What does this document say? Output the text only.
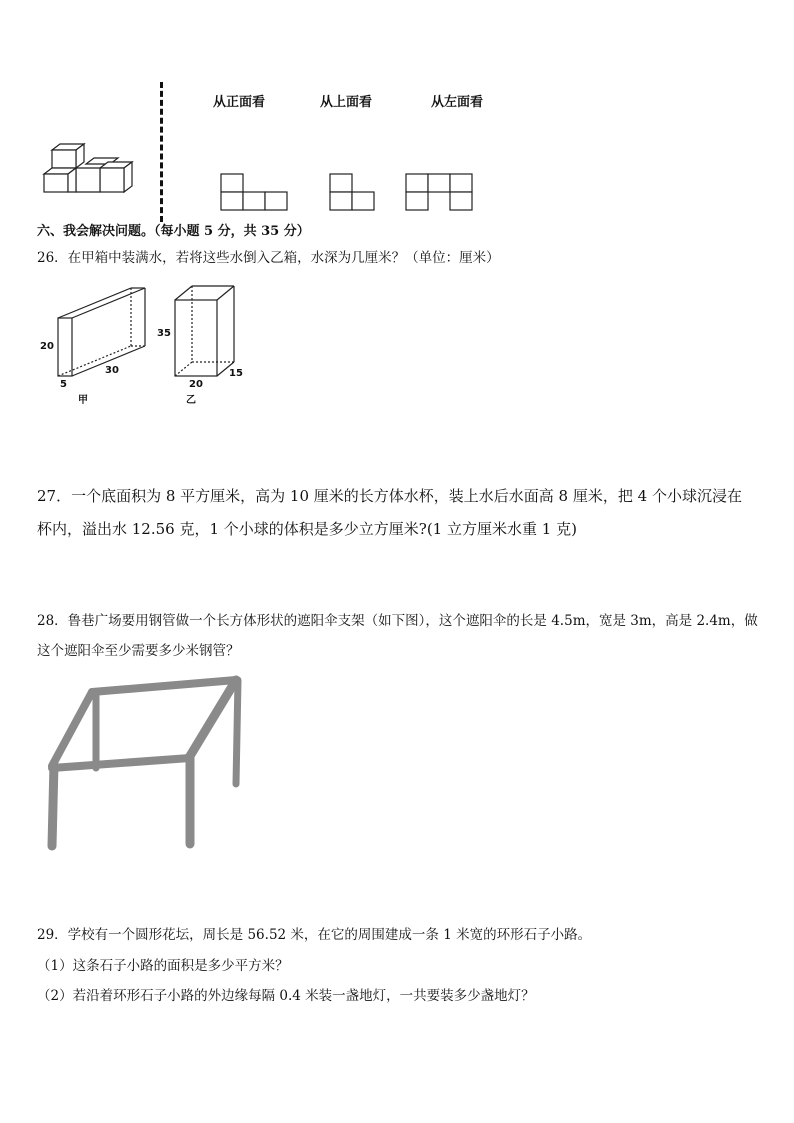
从正面看	从上面看	从左面看
六、我会解决问题。（每小题 5 分，共 35 分）
26．在甲箱中装满水，若将这些水倒入乙箱，水深为几厘米？（单位：厘米）
20
5
30
甲
35
20
15
乙
27．一个底面积为 8 平方厘米，高为 10 厘米的长方体水杯，装上水后水面高 8 厘米，把 4 个小球沉浸在
杯内，溢出水 12.56 克，1 个小球的体积是多少立方厘米?(1 立方厘米水重 1 克)
28．鲁巷广场要用钢管做一个长方体形状的遮阳伞支架（如下图），这个遮阳伞的长是 4.5m，宽是 3m，高是 2.4m，做
这个遮阳伞至少需要多少米钢管？
29．学校有一个圆形花坛，周长是 56.52 米，在它的周围建成一条 1 米宽的环形石子小路。
（1）这条石子小路的面积是多少平方米？
（2）若沿着环形石子小路的外边缘每隔 0.4 米装一盏地灯，一共要装多少盏地灯？
